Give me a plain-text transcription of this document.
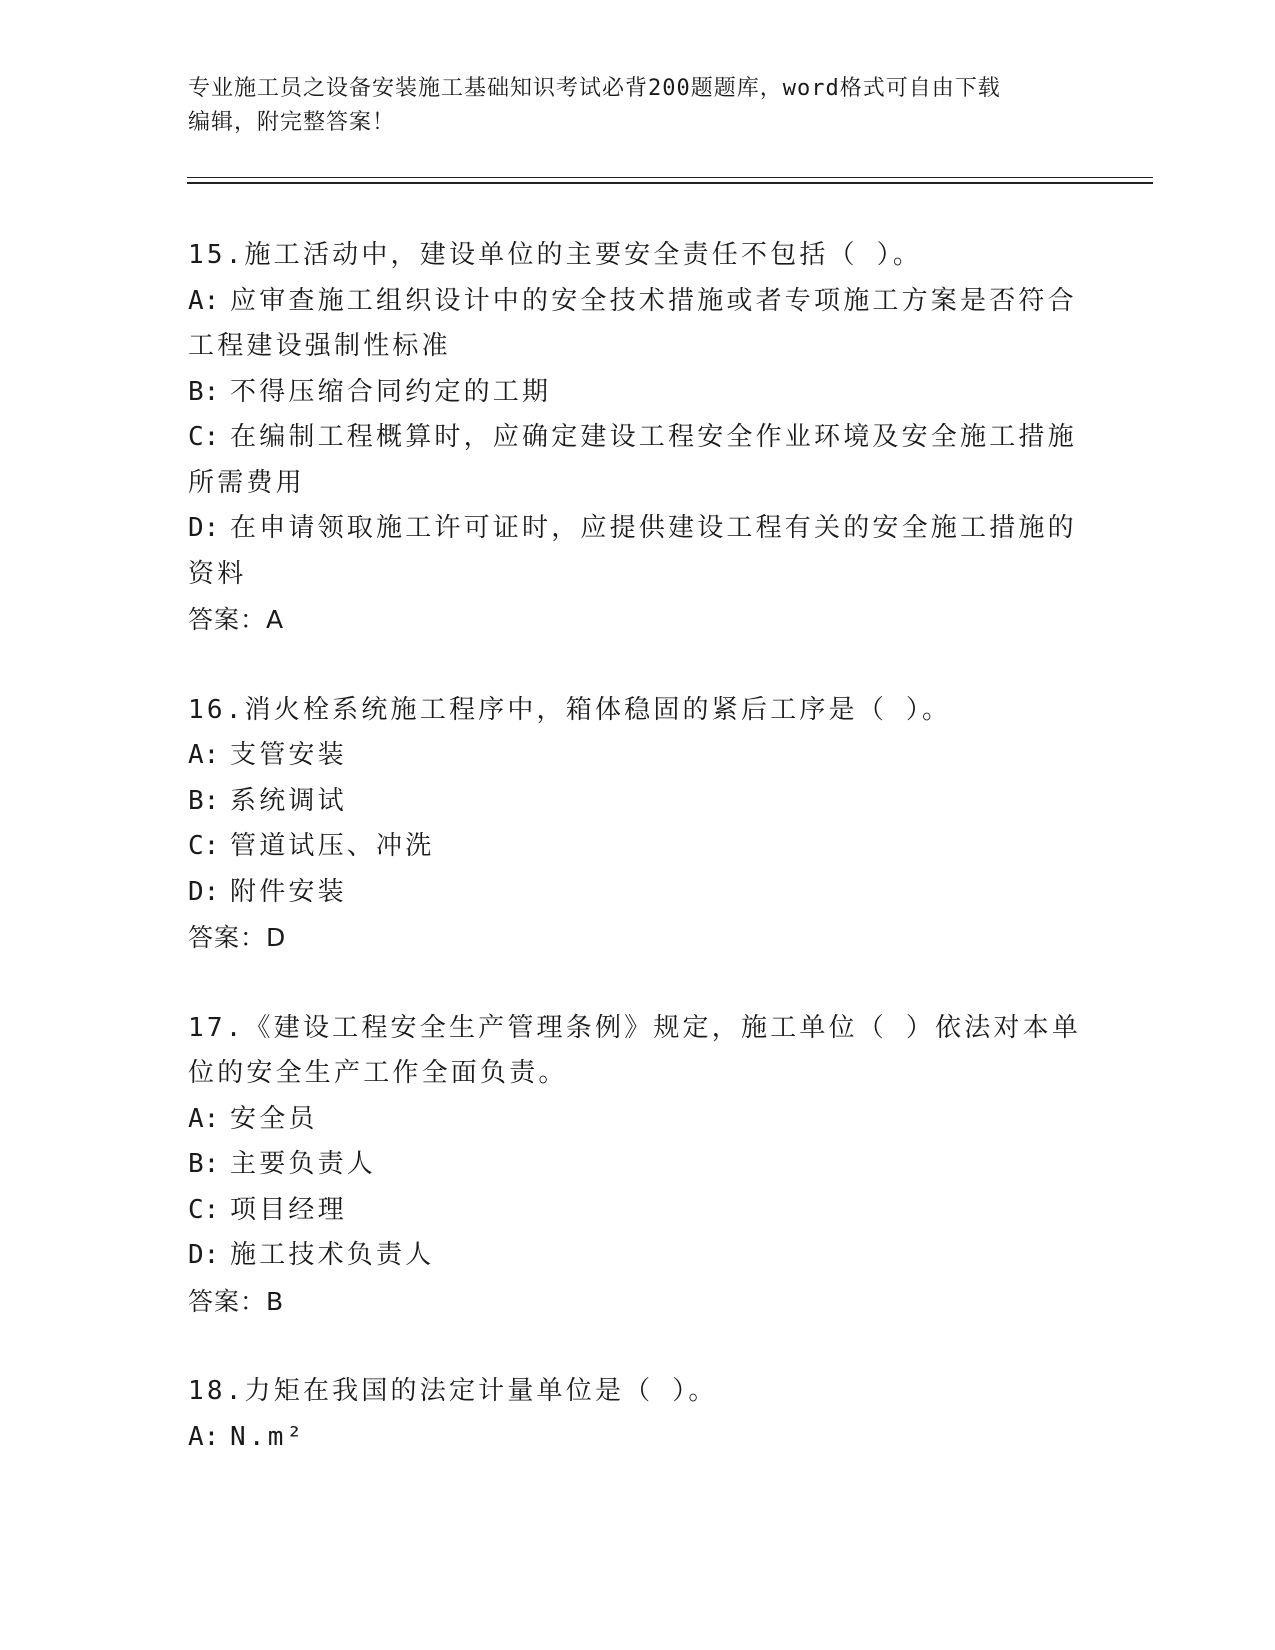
专业施工员之设备安装施工基础知识考试必背200题题库，word格式可自由下载
编辑，附完整答案！
15.施工活动中，建设单位的主要安全责任不包括（ ）。
A: 应审查施工组织设计中的安全技术措施或者专项施工方案是否符合
工程建设强制性标准
B: 不得压缩合同约定的工期
C: 在编制工程概算时，应确定建设工程安全作业环境及安全施工措施
所需费用
D: 在申请领取施工许可证时，应提供建设工程有关的安全施工措施的
资料
答案：A
16.消火栓系统施工程序中，箱体稳固的紧后工序是（ ）。
A: 支管安装
B: 系统调试
C: 管道试压、冲洗
D: 附件安装
答案：D
17.《建设工程安全生产管理条例》规定，施工单位（ ）依法对本单
位的安全生产工作全面负责。
A: 安全员
B: 主要负责人
C: 项目经理
D: 施工技术负责人
答案：B
18.力矩在我国的法定计量单位是（ ）。
A: N.m²
